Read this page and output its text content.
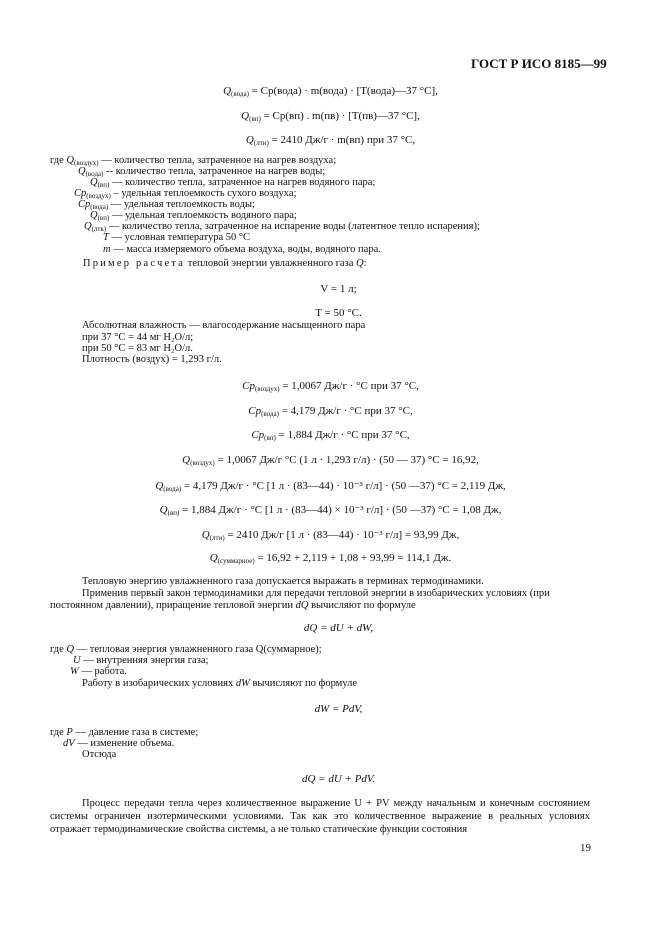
ГОСТ Р ИСО 8185—99
$Q_{(вода)}$ = Cp(вода) · m(вода) · [T(вода)—37 °C],
$Q_{(вп)} = Cp(вп)$ . m(пв) · [T(пв)—37 °C],
$Q_{(лти)} = 2410$ Дж/г · m(вп) при 37 °C,
где $Q_{(воздух)}$ — количество тепла, затраченное на нагрев воздуха;
$Q_{(вода)}$ -- количество тепла, затраченное на нагрев воды;
$Q_{(вп)}$ — количество тепла, затраченное на нагрев водяного пара;
$Cp_{(воздух)}$ – удельная теплоемкость сухого воздуха;
$Cp_{(вода)}$ — удельная теплоемкость воды;
$Q_{(вп)}$ — удельная теплоемкость водяного пара;
$Q_{(лтк)}$ — количество тепла, затраченное на испарение воды (латентное тепло испарения);
T — условная температура 50 °C
m — масса измеряемого объема воздуха, воды, водяного пара.
Пример расчета тепловой энергии увлажненного газа Q:
V = 1 л;
T = 50 °C.
Абсолютная влажность — влагосодержание насыщенного пара
при 37 °C = 44 мг H₂O/л;
при 50 °C = 83 мг H₂O/л.
Плотность (воздух) = 1,293 г/л.
$Cp_{(воздух)} = 1,0067$ Дж/г · °C при 37 °C,
$Cp_{(вода)} = 4,179$ Дж/г · °C при 37 °C,
$Cp_{(вп)} = 1,884$ Дж/г · °C при 37 °C,
$Q_{(воздух)} = 1,0067$ Дж/г °C (1 л · 1,293 г/л) · (50 — 37) °C = 16,92,
$Q_{(вода)} = 4,179$ Дж/г · °C [1 л · (83—44) · 10⁻³ г/л] · (50 —37) °C = 2,119 Дж,
$Q_{(вп)} = 1,884$ Дж/г · °C [1 л · (83—44) × 10⁻³ г/л] · (50 —37) °C = 1,08 Дж,
$Q_{(лти)} = 2410$ Дж/г [1 л · (83—44) · 10⁻³ г/л] = 93,99 Дж,
$Q_{(суммарное)} = 16,92 + 2,119 + 1,08 + 93,99 = 114,1$ Дж.
Тепловую энергию увлажненного газа допускается выражать в терминах термодинамики.
Применив первый закон термодинамики для передачи тепловой энергии в изобарических условиях (при
постоянном давлении), приращение тепловой энергии dQ вычисляют по формуле
dQ = dU + dW,
где Q — тепловая энергия увлажненного газа Q(суммарное);
U — внутренняя энергия газа;
W — работа.
Работу в изобарических условиях dW вычисляют по формуле
dW = PdV,
где P — давление газа в системе;
dV — изменение объема.
Отсюда
dQ = dU + PdV.
Процесс передачи тепла через количественное выражение U + PV между начальным и конечным состоянием системы ограничен изотермическими условиями. Так как это количественное выражение в реальных условиях отражает термодинамические свойства системы, а не только статические функции состояния
19
